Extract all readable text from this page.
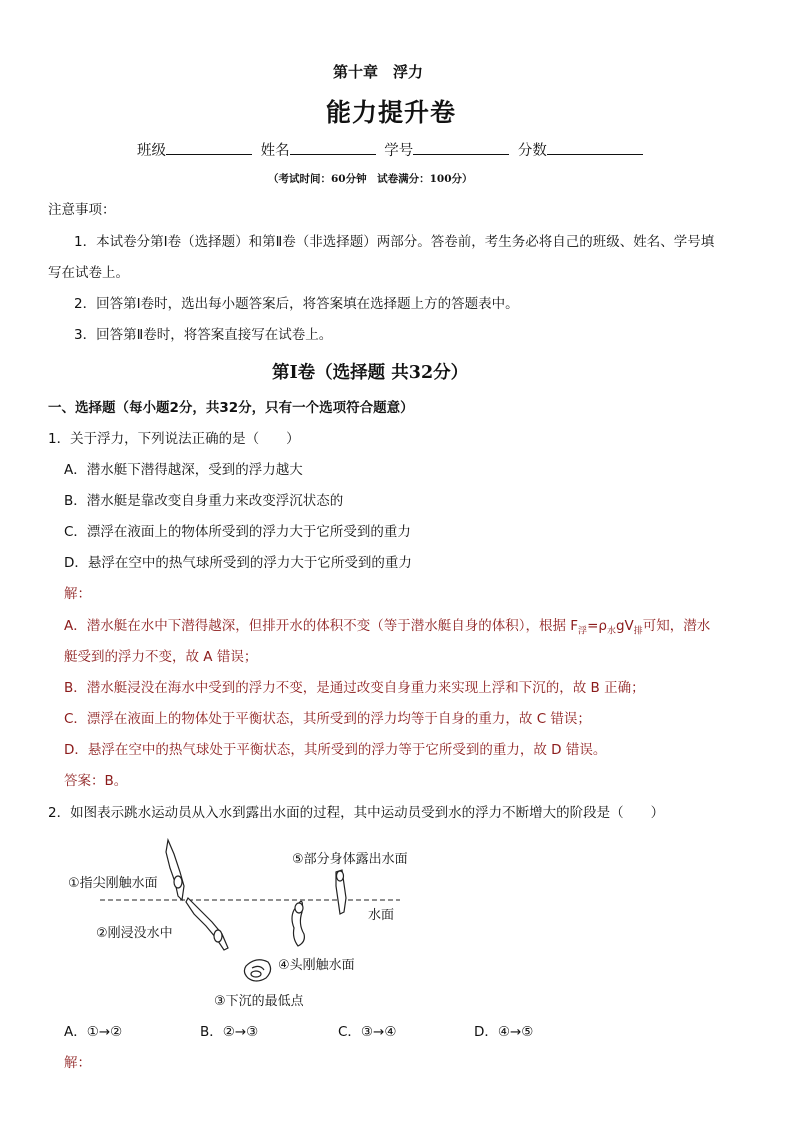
第十章　浮力
能力提升卷
班级	姓名	学号	分数
（考试时间：60分钟　试卷满分：100分）
注意事项：
1．本试卷分第Ⅰ卷（选择题）和第Ⅱ卷（非选择题）两部分。答卷前，考生务必将自己的班级、姓名、学号填
写在试卷上。
2．回答第Ⅰ卷时，选出每小题答案后，将答案填在选择题上方的答题表中。
3．回答第Ⅱ卷时，将答案直接写在试卷上。
第Ⅰ卷（选择题 共32分）
一、选择题（每小题2分，共32分，只有一个选项符合题意）
1．关于浮力，下列说法正确的是（　　）
A．潜水艇下潜得越深，受到的浮力越大
B．潜水艇是靠改变自身重力来改变浮沉状态的
C．漂浮在液面上的物体所受到的浮力大于它所受到的重力
D．悬浮在空中的热气球所受到的浮力大于它所受到的重力
解：
A．潜水艇在水中下潜得越深，但排开水的体积不变（等于潜水艇自身的体积），根据 $F_浮=\rho_水gV_排$可知，潜水
艇受到的浮力不变，故 A 错误；
B．潜水艇浸没在海水中受到的浮力不变，是通过改变自身重力来实现上浮和下沉的，故 B 正确；
C．漂浮在液面上的物体处于平衡状态，其所受到的浮力均等于自身的重力，故 C 错误；
D．悬浮在空中的热气球处于平衡状态，其所受到的浮力等于它所受到的重力，故 D 错误。
答案：B。
2．如图表示跳水运动员从入水到露出水面的过程，其中运动员受到水的浮力不断增大的阶段是（　　）
①指尖刚触水面
②刚浸没水中
③下沉的最低点
④头刚触水面
⑤部分身体露出水面
水面
A．①→②	B．②→③	C．③→④	D．④→⑤
解：
